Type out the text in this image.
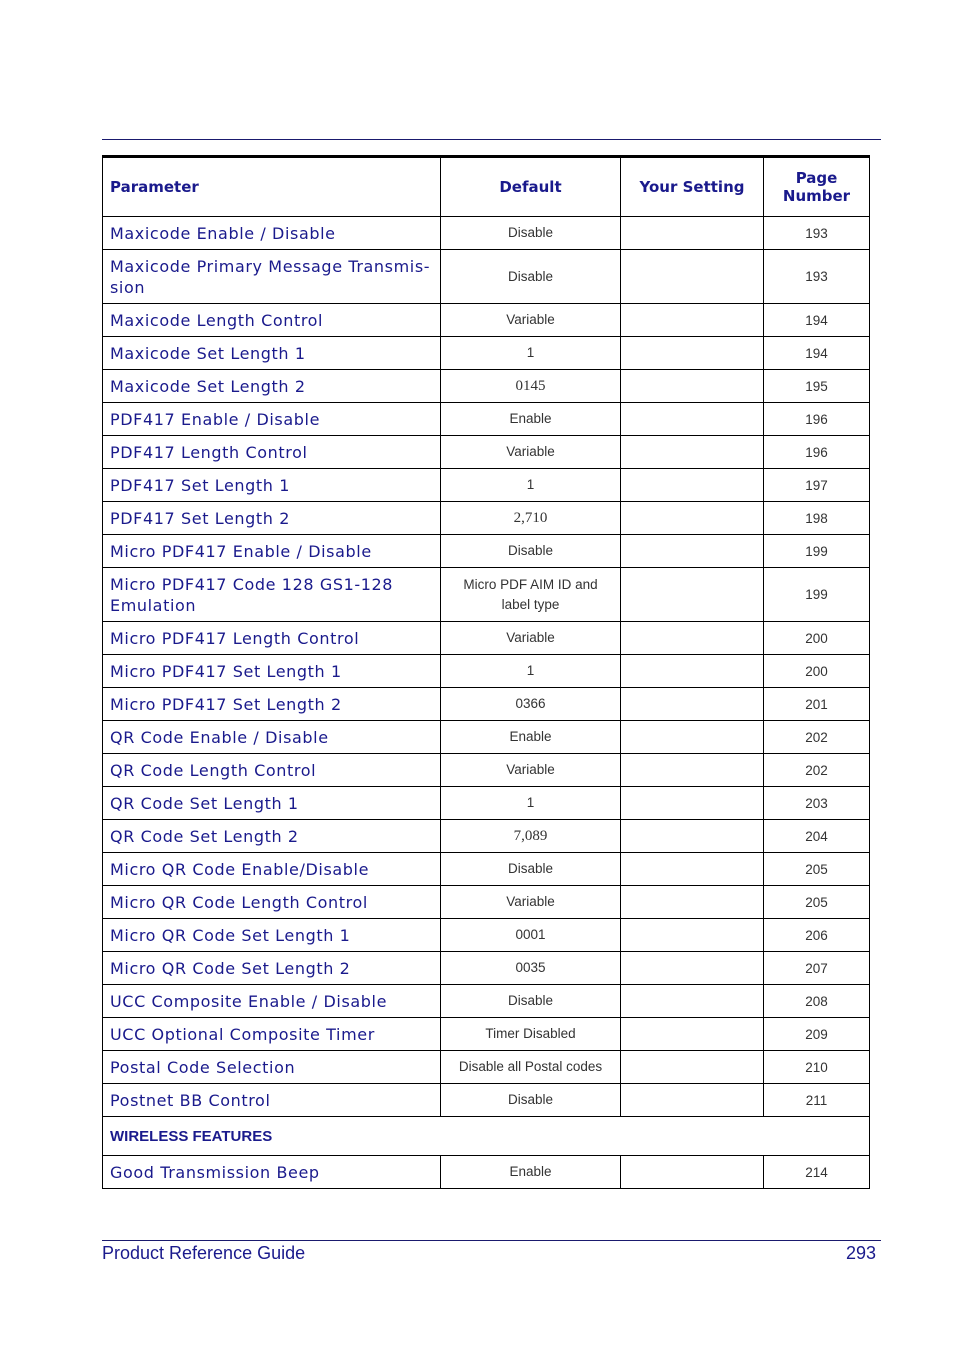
Parameter	Default	Your Setting	Page
Number
Maxicode Enable / Disable	Disable		193
Maxicode Primary Message Transmis-sion	Disable		193
Maxicode Length Control	Variable		194
Maxicode Set Length 1	1		194
Maxicode Set Length 2	0145		195
PDF417 Enable / Disable	Enable		196
PDF417 Length Control	Variable		196
PDF417 Set Length 1	1		197
PDF417 Set Length 2	2,710		198
Micro PDF417 Enable / Disable	Disable		199
Micro PDF417 Code 128 GS1-128 Emulation	Micro PDF AIM ID and label type		199
Micro PDF417 Length Control	Variable		200
Micro PDF417 Set Length 1	1		200
Micro PDF417 Set Length 2	0366		201
QR Code Enable / Disable	Enable		202
QR Code Length Control	Variable		202
QR Code Set Length 1	1		203
QR Code Set Length 2	7,089		204
Micro QR Code Enable/Disable	Disable		205
Micro QR Code Length Control	Variable		205
Micro QR Code Set Length 1	0001		206
Micro QR Code Set Length 2	0035		207
UCC Composite Enable / Disable	Disable		208
UCC Optional Composite Timer	Timer Disabled		209
Postal Code Selection	Disable all Postal codes		210
Postnet BB Control	Disable		211
WIRELESS FEATURES			
Good Transmission Beep	Enable		214
Product Reference Guide	293
